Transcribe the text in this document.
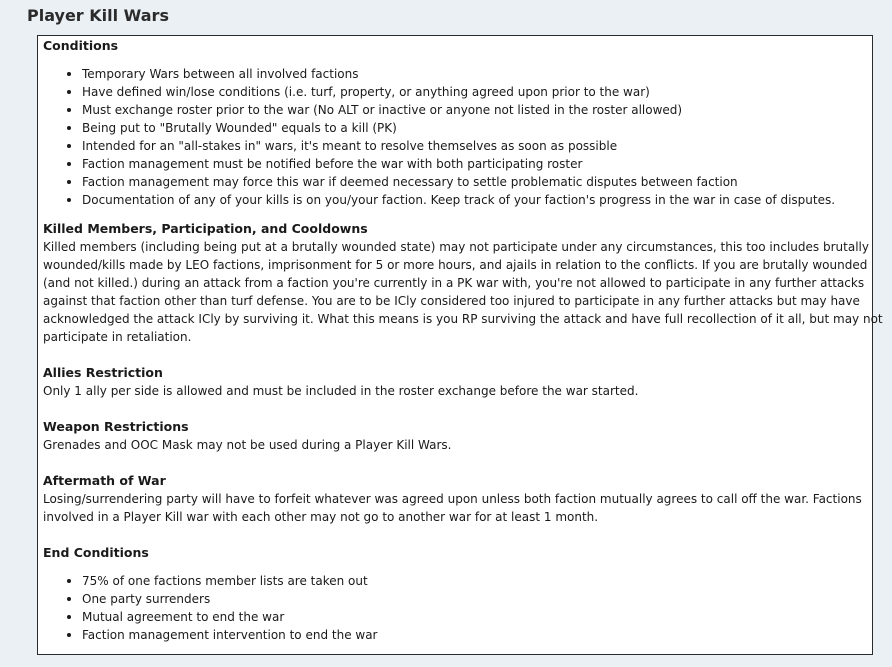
Player Kill Wars
Conditions
Temporary Wars between all involved factions
Have defined win/lose conditions (i.e. turf, property, or anything agreed upon prior to the war)
Must exchange roster prior to the war (No ALT or inactive or anyone not listed in the roster allowed)
Being put to "Brutally Wounded" equals to a kill (PK)
Intended for an "all-stakes in" wars, it's meant to resolve themselves as soon as possible
Faction management must be notified before the war with both participating roster
Faction management may force this war if deemed necessary to settle problematic disputes between faction
Documentation of any of your kills is on you/your faction. Keep track of your faction's progress in the war in case of disputes.
Killed Members, Participation, and Cooldowns
Killed members (including being put at a brutally wounded state) may not participate under any circumstances, this too includes brutally
wounded/kills made by LEO factions, imprisonment for 5 or more hours, and ajails in relation to the conflicts. If you are brutally wounded
(and not killed.) during an attack from a faction you're currently in a PK war with, you're not allowed to participate in any further attacks
against that faction other than turf defense. You are to be ICly considered too injured to participate in any further attacks but may have
acknowledged the attack ICly by surviving it. What this means is you RP surviving the attack and have full recollection of it all, but may not
participate in retaliation.
Allies Restriction
Only 1 ally per side is allowed and must be included in the roster exchange before the war started.
Weapon Restrictions
Grenades and OOC Mask may not be used during a Player Kill Wars.
Aftermath of War
Losing/surrendering party will have to forfeit whatever was agreed upon unless both faction mutually agrees to call off the war. Factions
involved in a Player Kill war with each other may not go to another war for at least 1 month.
End Conditions
75% of one factions member lists are taken out
One party surrenders
Mutual agreement to end the war
Faction management intervention to end the war
